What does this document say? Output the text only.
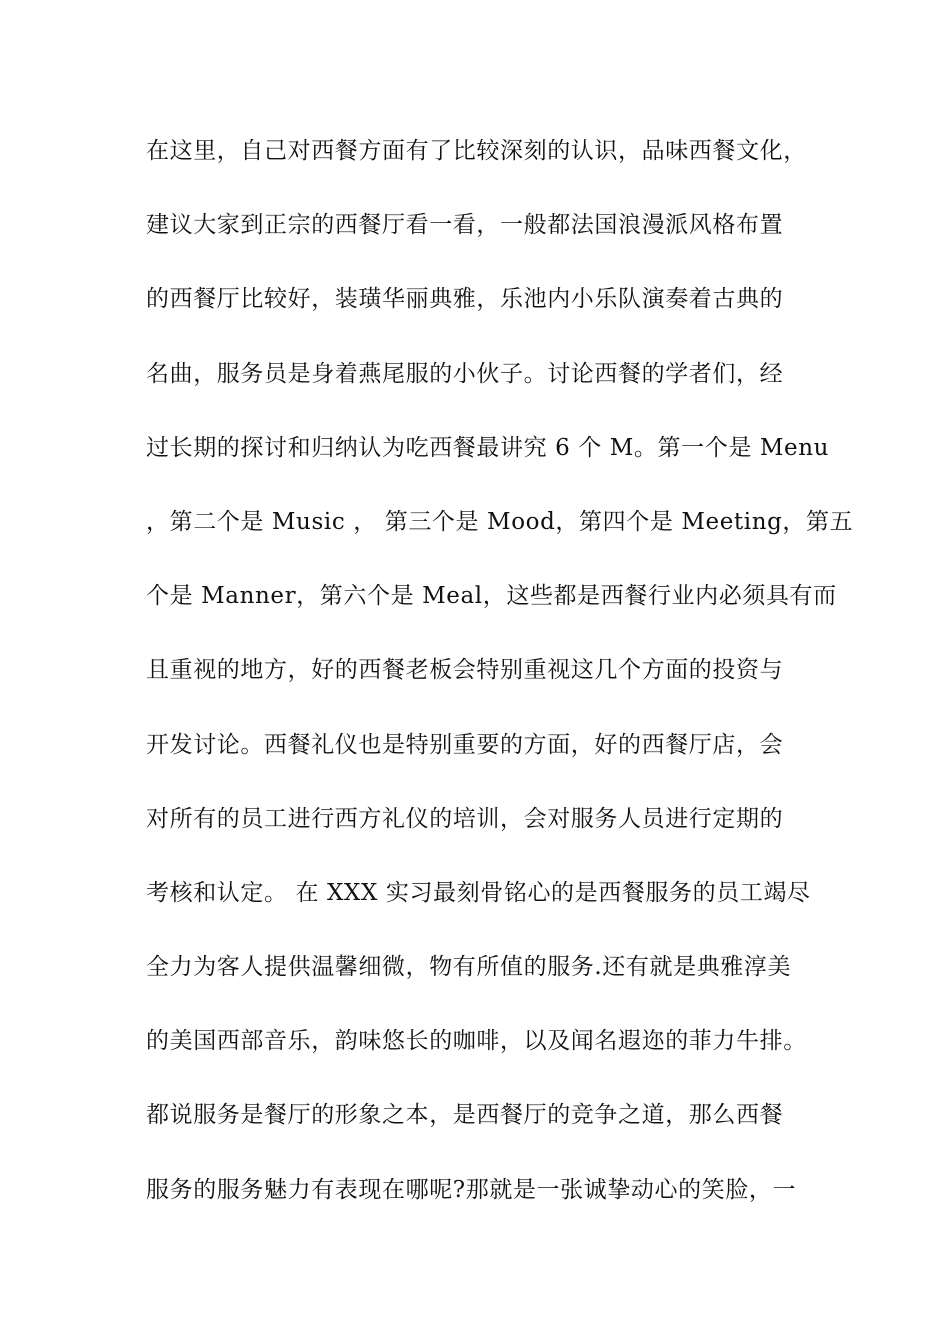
在这里，自己对西餐方面有了比较深刻的认识，品味西餐文化，
建议大家到正宗的西餐厅看一看，一般都法国浪漫派风格布置
的西餐厅比较好，装璜华丽典雅，乐池内小乐队演奏着古典的
名曲，服务员是身着燕尾服的小伙子。讨论西餐的学者们，经
过长期的探讨和归纳认为吃西餐最讲究 6 个 M。第一个是 Menu
，第二个是 Music ， 第三个是 Mood，第四个是 Meeting，第五
个是 Manner，第六个是 Meal，这些都是西餐行业内必须具有而
且重视的地方，好的西餐老板会特别重视这几个方面的投资与
开发讨论。西餐礼仪也是特别重要的方面，好的西餐厅店，会
对所有的员工进行西方礼仪的培训，会对服务人员进行定期的
考核和认定。 在 XXX 实习最刻骨铭心的是西餐服务的员工竭尽
全力为客人提供温馨细微，物有所值的服务.还有就是典雅淳美
的美国西部音乐，韵味悠长的咖啡，以及闻名遐迩的菲力牛排。
都说服务是餐厅的形象之本，是西餐厅的竞争之道，那么西餐
服务的服务魅力有表现在哪呢?那就是一张诚挚动心的笑脸，一
